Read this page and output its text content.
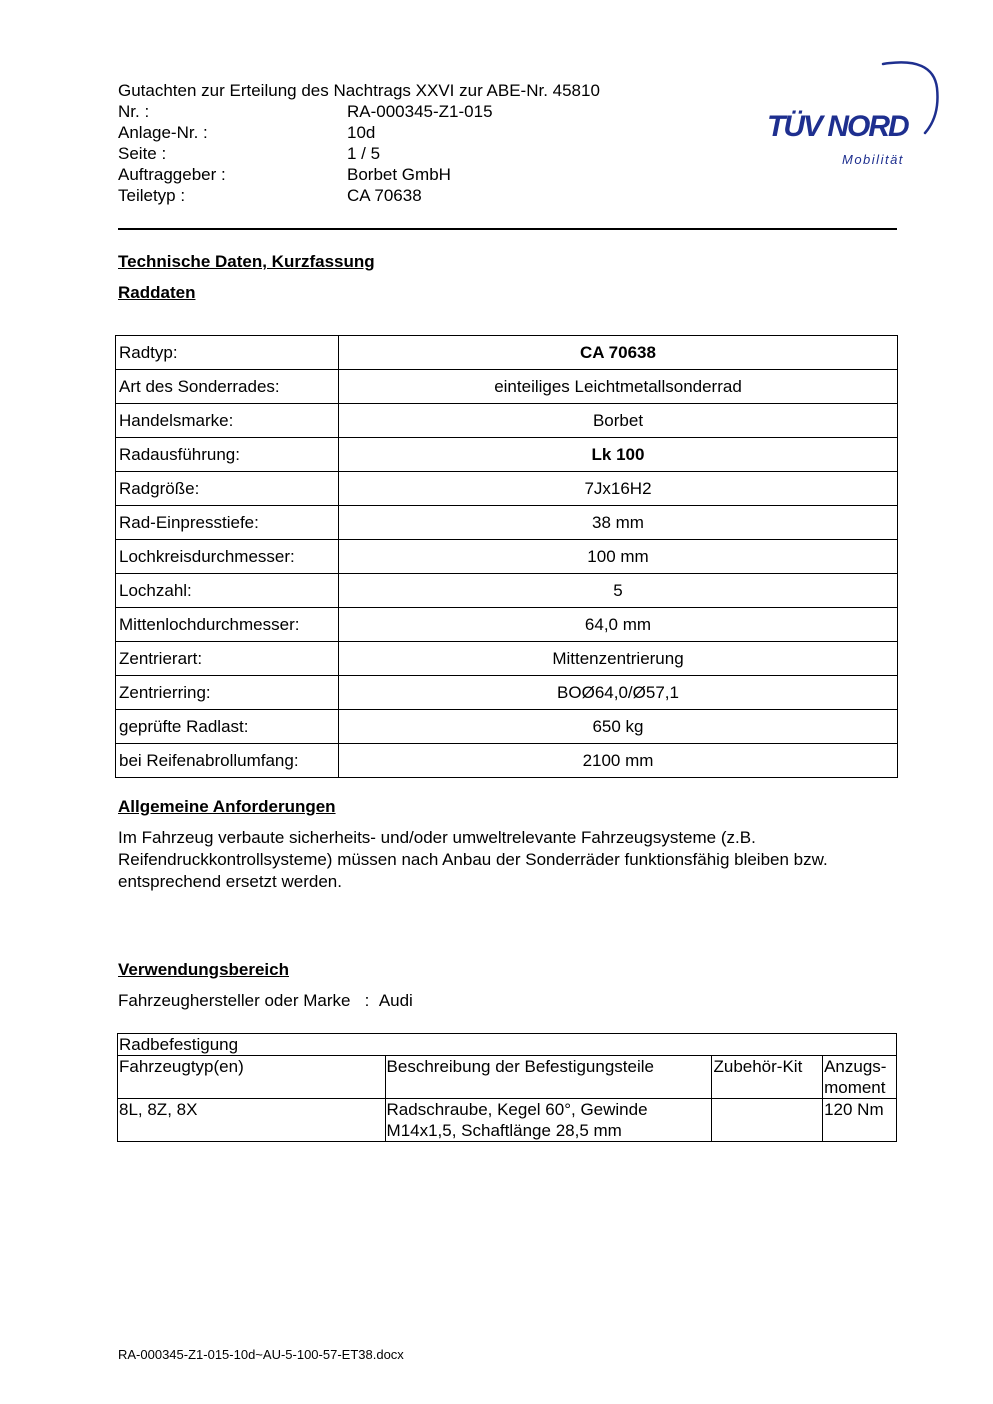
Gutachten zur Erteilung des Nachtrags XXVI zur ABE-Nr. 45810
Nr. :	RA-000345-Z1-015
Anlage-Nr. :	10d
Seite :	1 / 5
Auftraggeber :	Borbet GmbH
Teiletyp :	CA 70638
TÜV NORD
Mobilität
Technische Daten, Kurzfassung
Raddaten
Radtyp:	CA 70638
Art des Sonderrades:	einteiliges Leichtmetallsonderrad
Handelsmarke:	Borbet
Radausführung:	Lk 100
Radgröße:	7Jx16H2
Rad-Einpresstiefe:	38 mm
Lochkreisdurchmesser:	100 mm
Lochzahl:	5
Mittenlochdurchmesser:	64,0 mm
Zentrierart:	Mittenzentrierung
Zentrierring:	BOØ64,0/Ø57,1
geprüfte Radlast:	650 kg
bei Reifenabrollumfang:	2100 mm
Allgemeine Anforderungen
Im Fahrzeug verbaute sicherheits- und/oder umweltrelevante Fahrzeugsysteme (z.B. Reifendruckkontrollsysteme) müssen nach Anbau der Sonderräder funktionsfähig bleiben bzw. entsprechend ersetzt werden.
Verwendungsbereich
Fahrzeughersteller oder Marke : Audi
Radbefestigung			
Fahrzeugtyp(en)	Beschreibung der Befestigungsteile	Zubehör-Kit	Anzugs-
moment
8L, 8Z, 8X	Radschraube, Kegel 60°, Gewinde
M14x1,5, Schaftlänge 28,5 mm		120 Nm
RA-000345-Z1-015-10d~AU-5-100-57-ET38.docx
